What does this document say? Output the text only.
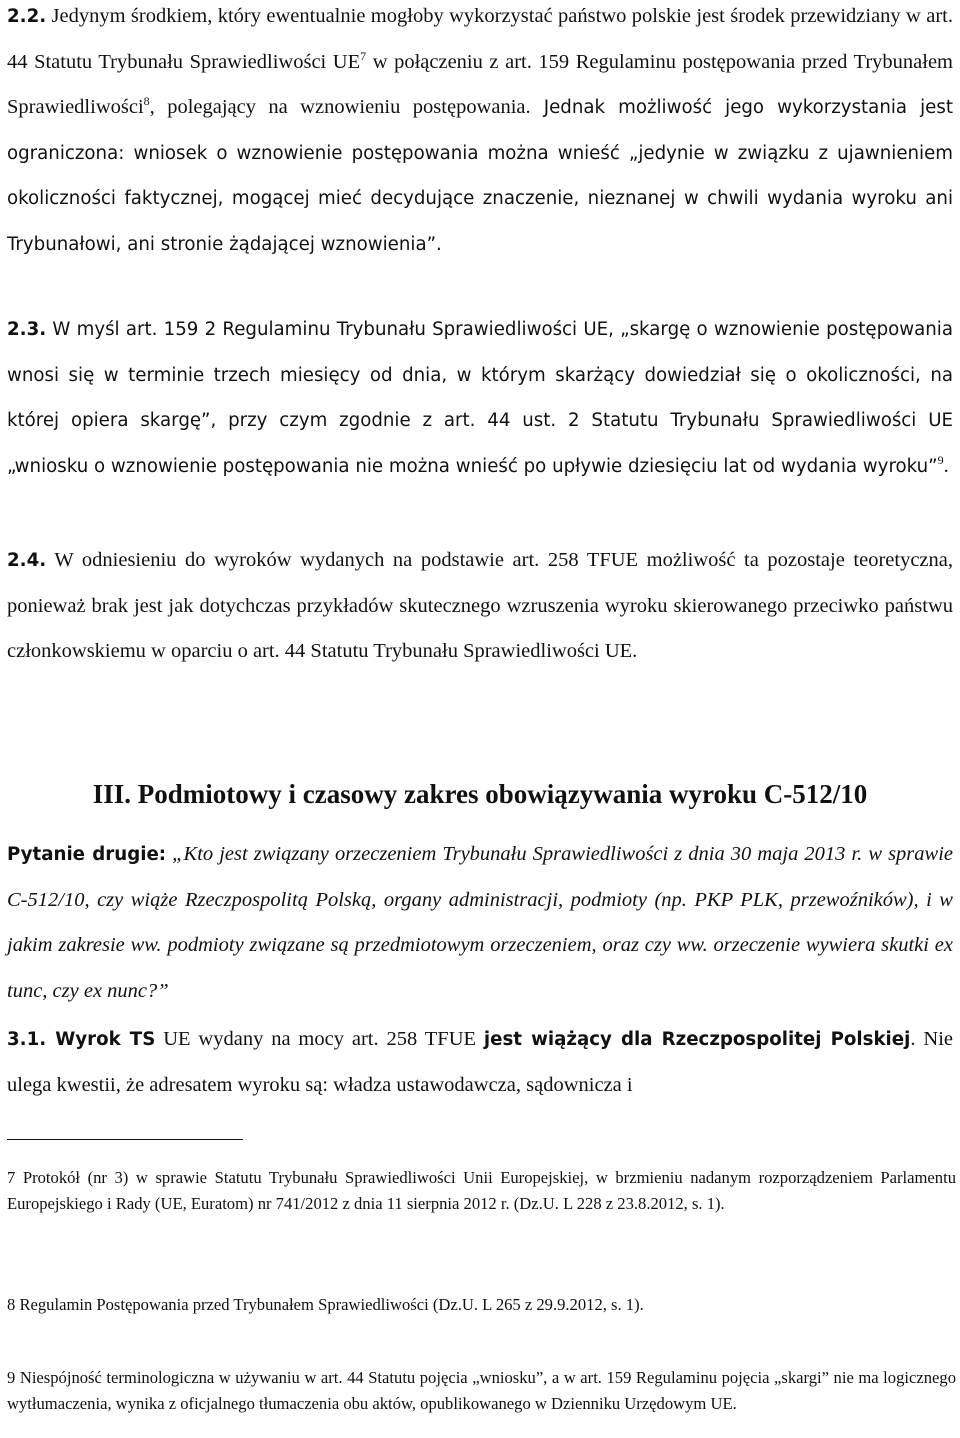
2.2. Jedynym środkiem, który ewentualnie mogłoby wykorzystać państwo polskie jest środek przewidziany w art. 44 Statutu Trybunału Sprawiedliwości $UE^7$ w połączeniu z art. 159 Regulaminu postępowania przed Trybunałem Sprawiedliwości$^8$, polegający na wznowieniu postępowania. Jednak możliwość jego wykorzystania jest ograniczona: wniosek o wznowienie postępowania można wnieść „jedynie w związku z ujawnieniem okoliczności faktycznej, mogącej mieć decydujące znaczenie, nieznanej w chwili wydania wyroku ani Trybunałowi, ani stronie żądającej wznowienia”.

2.3. W myśl art. 159 2 Regulaminu Trybunału Sprawiedliwości UE, „skargę o wznowienie postępowania wnosi się w terminie trzech miesięcy od dnia, w którym skarżący dowiedział się o okoliczności, na której opiera skargę”, przy czym zgodnie z art. 44 ust. 2 Statutu Trybunału Sprawiedliwości UE „wniosku o wznowienie postępowania nie można wnieść po upływie dziesięciu lat od wydania wyroku”$^9$.

2.4. W odniesieniu do wyroków wydanych na podstawie art. 258 TFUE możliwość ta pozostaje teoretyczna, ponieważ brak jest jak dotychczas przykładów skutecznego wzruszenia wyroku skierowanego przeciwko państwu członkowskiemu w oparciu o art. 44 Statutu Trybunału Sprawiedliwości UE.

III. Podmiotowy i czasowy zakres obowiązywania wyroku C-512/10

Pytanie drugie: „Kto jest związany orzeczeniem Trybunału Sprawiedliwości z dnia 30 maja 2013 r. w sprawie C-512/10, czy wiąże Rzeczpospolitą Polską, organy administracji, podmioty (np. PKP PLK, przewoźników), i w jakim zakresie ww. podmioty związane są przedmiotowym orzeczeniem, oraz czy ww. orzeczenie wywiera skutki ex tunc, czy ex nunc?”

3.1. Wyrok TS UE wydany na mocy art. 258 TFUE jest wiążący dla Rzeczpospolitej Polskiej. Nie ulega kwestii, że adresatem wyroku są: władza ustawodawcza, sądownicza i

7 Protokół (nr 3) w sprawie Statutu Trybunału Sprawiedliwości Unii Europejskiej, w brzmieniu nadanym rozporządzeniem Parlamentu Europejskiego i Rady (UE, Euratom) nr 741/2012 z dnia 11 sierpnia 2012 r. (Dz.U. L 228 z 23.8.2012, s. 1).

8 Regulamin Postępowania przed Trybunałem Sprawiedliwości (Dz.U. L 265 z 29.9.2012, s. 1).

9 Niespójność terminologiczna w używaniu w art. 44 Statutu pojęcia „wniosku”, a w art. 159 Regulaminu pojęcia „skargi” nie ma logicznego wytłumaczenia, wynika z oficjalnego tłumaczenia obu aktów, opublikowanego w Dzienniku Urzędowym UE.
